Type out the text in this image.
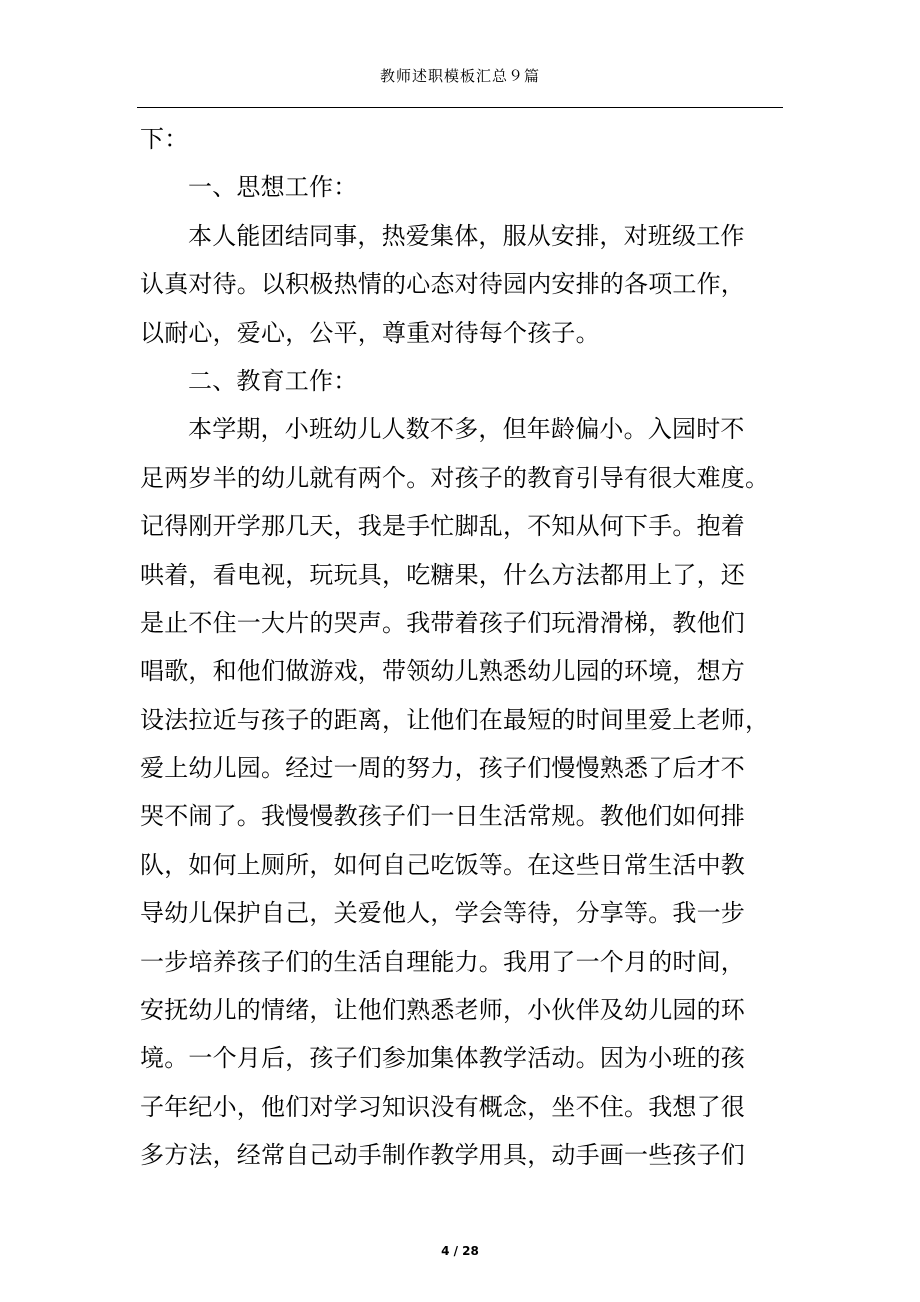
教师述职模板汇总９篇
下：
一、思想工作：
本人能团结同事，热爱集体，服从安排，对班级工作
认真对待。以积极热情的心态对待园内安排的各项工作，
以耐心，爱心，公平，尊重对待每个孩子。
二、教育工作：
本学期，小班幼儿人数不多，但年龄偏小。入园时不
足两岁半的幼儿就有两个。对孩子的教育引导有很大难度。
记得刚开学那几天，我是手忙脚乱，不知从何下手。抱着
哄着，看电视，玩玩具，吃糖果，什么方法都用上了，还
是止不住一大片的哭声。我带着孩子们玩滑滑梯，教他们
唱歌，和他们做游戏，带领幼儿熟悉幼儿园的环境，想方
设法拉近与孩子的距离，让他们在最短的时间里爱上老师，
爱上幼儿园。经过一周的努力，孩子们慢慢熟悉了后才不
哭不闹了。我慢慢教孩子们一日生活常规。教他们如何排
队，如何上厕所，如何自己吃饭等。在这些日常生活中教
导幼儿保护自己，关爱他人，学会等待，分享等。我一步
一步培养孩子们的生活自理能力。我用了一个月的时间，
安抚幼儿的情绪，让他们熟悉老师，小伙伴及幼儿园的环
境。一个月后，孩子们参加集体教学活动。因为小班的孩
子年纪小，他们对学习知识没有概念，坐不住。我想了很
多方法，经常自己动手制作教学用具，动手画一些孩子们
4 / 28
